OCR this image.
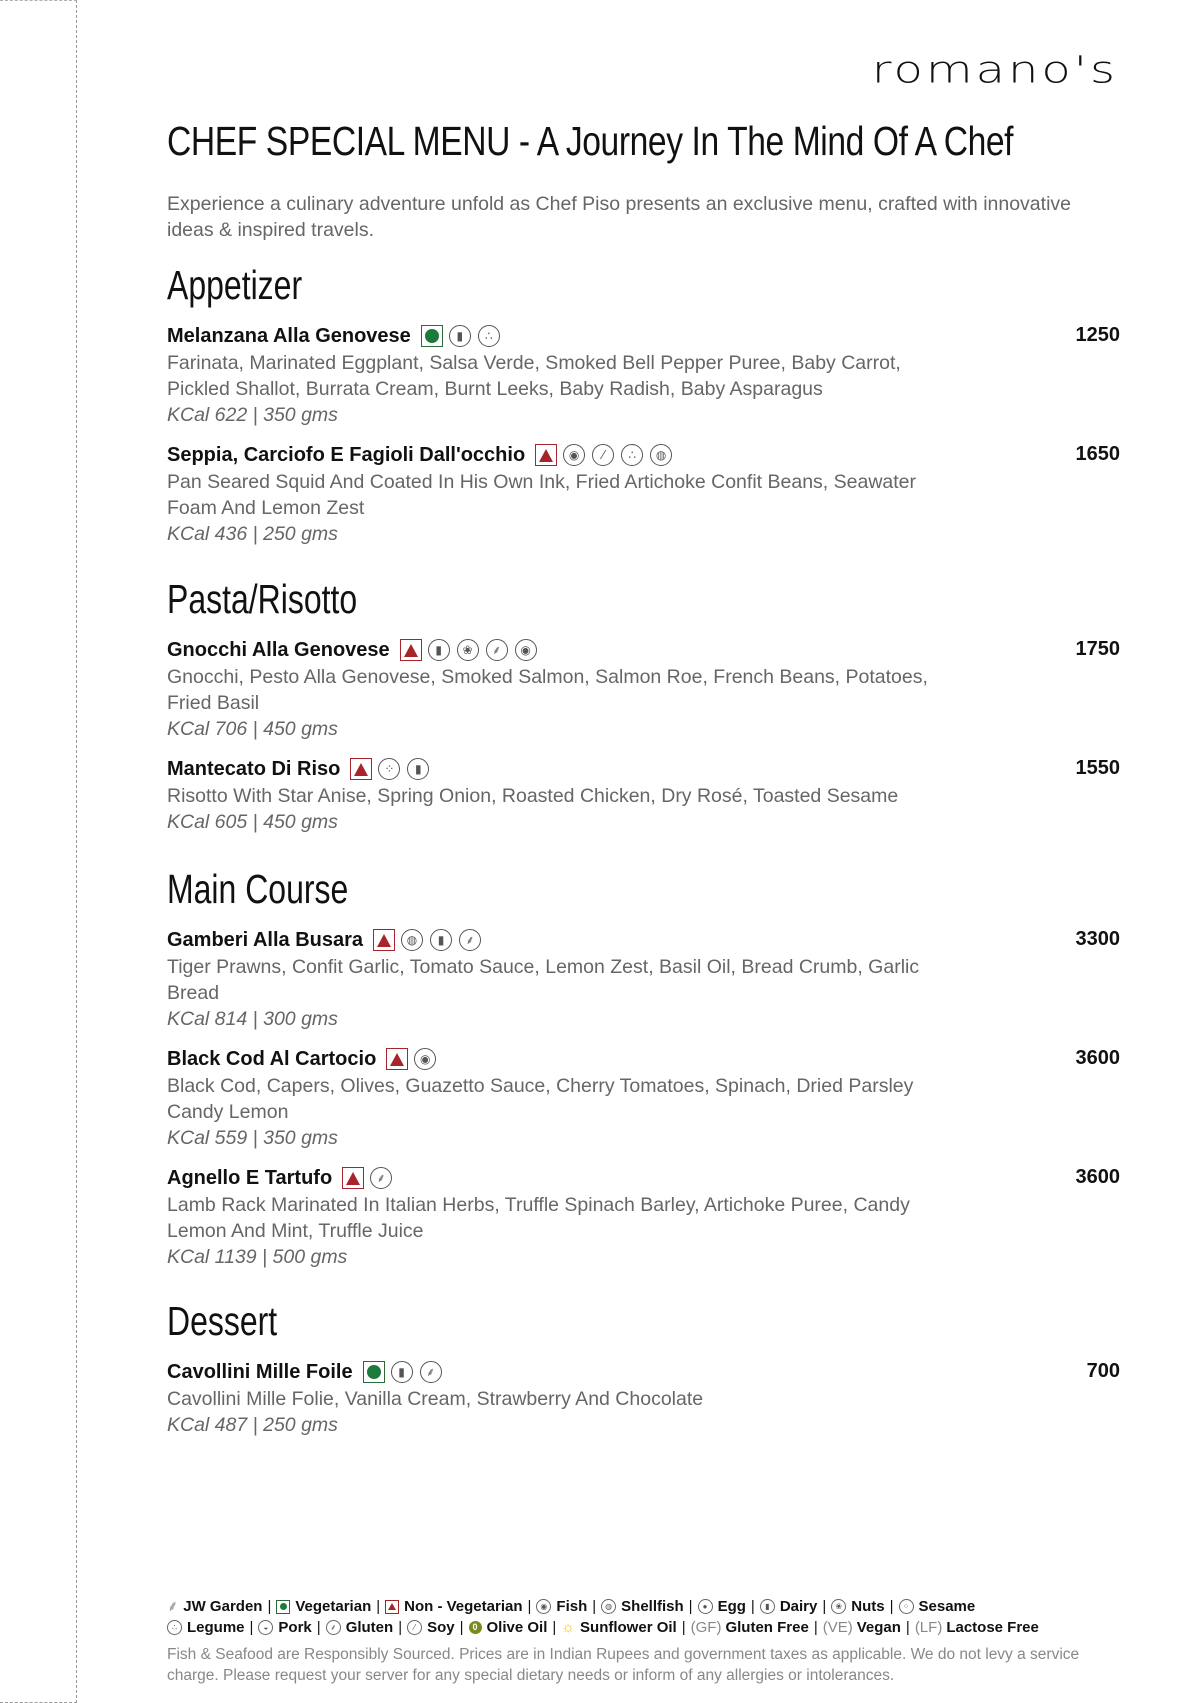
romano's
CHEF SPECIAL MENU - A Journey In The Mind Of A Chef
Experience a culinary adventure unfold as Chef Piso presents an exclusive menu, crafted with innovative ideas & inspired travels.
Appetizer
Melanzana Alla Genovese	▮	∴	1250
Farinata, Marinated Eggplant, Salsa Verde, Smoked Bell Pepper Puree, Baby Carrot, Pickled Shallot, Burrata Cream, Burnt Leeks, Baby Radish, Baby Asparagus
KCal 622 | 350 gms
Seppia, Carciofo E Fagioli Dall'occhio	◉	⁄	∴	◍	1650
Pan Seared Squid And Coated In His Own Ink, Fried Artichoke Confit Beans, Seawater Foam And Lemon Zest
KCal 436 | 250 gms
Pasta/Risotto
Gnocchi Alla Genovese	▮	❀	⸙	◉	1750
Gnocchi, Pesto Alla Genovese, Smoked Salmon, Salmon Roe, French Beans, Potatoes, Fried Basil
KCal 706 | 450 gms
Mantecato Di Riso	⁘	▮	1550
Risotto With Star Anise, Spring Onion, Roasted Chicken, Dry Rosé, Toasted Sesame
KCal 605 | 450 gms
Main Course
Gamberi Alla Busara	◍	▮	⸙	3300
Tiger Prawns, Confit Garlic, Tomato Sauce, Lemon Zest, Basil Oil, Bread Crumb, Garlic Bread
KCal 814 | 300 gms
Black Cod Al Cartocio	◉	3600
Black Cod, Capers, Olives, Guazetto Sauce, Cherry Tomatoes, Spinach, Dried Parsley Candy Lemon
KCal 559 | 350 gms
Agnello E Tartufo	⸙	3600
Lamb Rack Marinated In Italian Herbs, Truffle Spinach Barley, Artichoke Puree, Candy Lemon And Mint, Truffle Juice
KCal 1139 | 500 gms
Dessert
Cavollini Mille Foile	▮	⸙	700
Cavollini Mille Folie, Vanilla Cream, Strawberry And Chocolate
KCal 487 | 250 gms
⸙ JW Garden | Vegetarian | Non - Vegetarian |	◉ Fish |	◍ Shellfish |	● Egg |	▮ Dairy |	❀ Nuts |	⁘ Sesame
∴ Legume |	◒ Pork |	⸙ Gluten |	⁄ Soy | 0 Olive Oil | ☼ Sunflower Oil | (GF) Gluten Free | (VE) Vegan | (LF) Lactose Free
Fish & Seafood are Responsibly Sourced. Prices are in Indian Rupees and government taxes as applicable. We do not levy a service charge. Please request your server for any special dietary needs or inform of any allergies or intolerances.
